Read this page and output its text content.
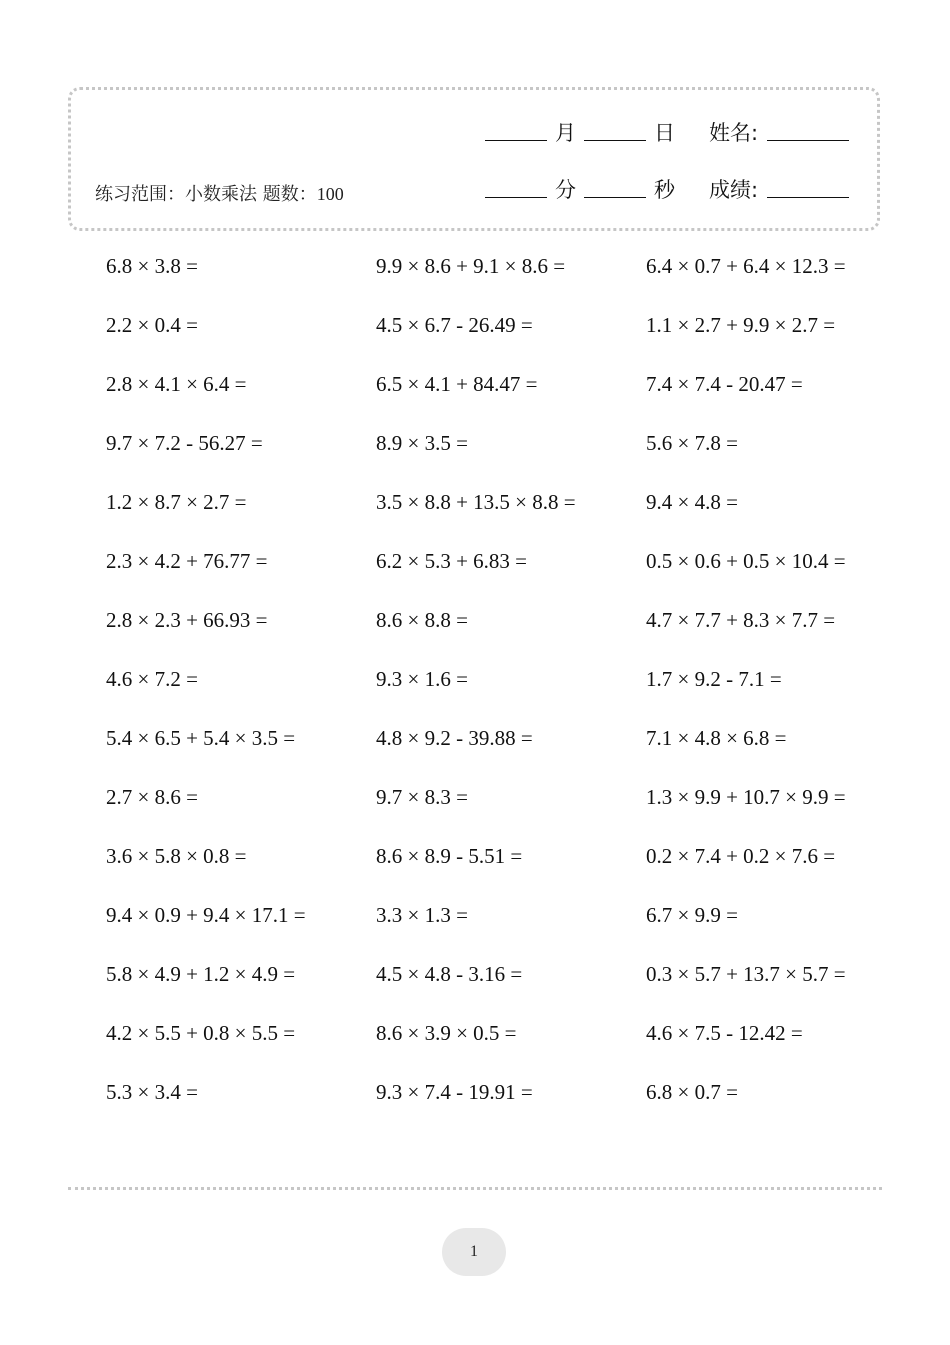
练习范围：小数乘法 题数：100
月	日 姓名:
分	秒 成绩:
6.8 × 3.8 =	9.9 × 8.6 + 9.1 × 8.6 =	6.4 × 0.7 + 6.4 × 12.3 =
2.2 × 0.4 =	4.5 × 6.7 - 26.49 =	1.1 × 2.7 + 9.9 × 2.7 =
2.8 × 4.1 × 6.4 =	6.5 × 4.1 + 84.47 =	7.4 × 7.4 - 20.47 =
9.7 × 7.2 - 56.27 =	8.9 × 3.5 =	5.6 × 7.8 =
1.2 × 8.7 × 2.7 =	3.5 × 8.8 + 13.5 × 8.8 =	9.4 × 4.8 =
2.3 × 4.2 + 76.77 =	6.2 × 5.3 + 6.83 =	0.5 × 0.6 + 0.5 × 10.4 =
2.8 × 2.3 + 66.93 =	8.6 × 8.8 =	4.7 × 7.7 + 8.3 × 7.7 =
4.6 × 7.2 =	9.3 × 1.6 =	1.7 × 9.2 - 7.1 =
5.4 × 6.5 + 5.4 × 3.5 =	4.8 × 9.2 - 39.88 =	7.1 × 4.8 × 6.8 =
2.7 × 8.6 =	9.7 × 8.3 =	1.3 × 9.9 + 10.7 × 9.9 =
3.6 × 5.8 × 0.8 =	8.6 × 8.9 - 5.51 =	0.2 × 7.4 + 0.2 × 7.6 =
9.4 × 0.9 + 9.4 × 17.1 =	3.3 × 1.3 =	6.7 × 9.9 =
5.8 × 4.9 + 1.2 × 4.9 =	4.5 × 4.8 - 3.16 =	0.3 × 5.7 + 13.7 × 5.7 =
4.2 × 5.5 + 0.8 × 5.5 =	8.6 × 3.9 × 0.5 =	4.6 × 7.5 - 12.42 =
5.3 × 3.4 =	9.3 × 7.4 - 19.91 =	6.8 × 0.7 =
1
